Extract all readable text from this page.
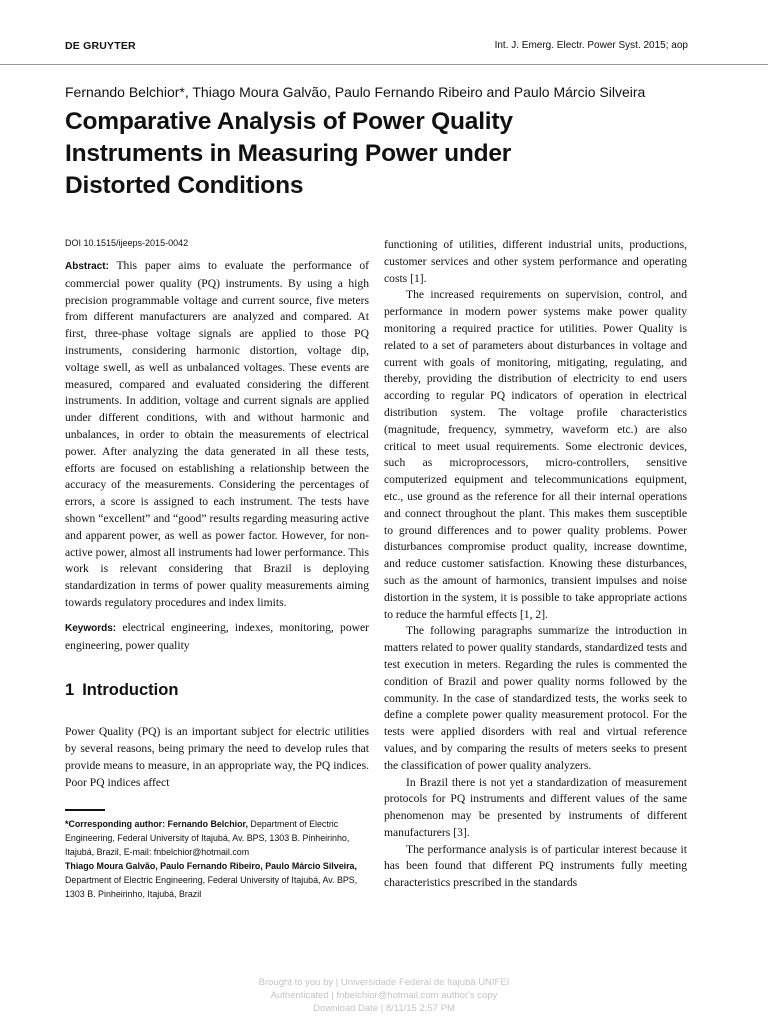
DE GRUYTER	Int. J. Emerg. Electr. Power Syst. 2015; aop
Fernando Belchior*, Thiago Moura Galvão, Paulo Fernando Ribeiro and Paulo Márcio Silveira
Comparative Analysis of Power Quality
Instruments in Measuring Power under
Distorted Conditions

DOI 10.1515/ijeeps-2015-0042

Abstract: This paper aims to evaluate the performance of commercial power quality (PQ) instruments. By using a high precision programmable voltage and current source, five meters from different manufacturers are analyzed and compared. At first, three-phase voltage signals are applied to those PQ instruments, considering harmonic distortion, voltage dip, voltage swell, as well as unbalanced voltages. These events are measured, compared and evaluated considering the different instruments. In addition, voltage and current signals are applied under different conditions, with and without harmonic and unbalances, in order to obtain the measurements of electrical power. After analyzing the data generated in all these tests, efforts are focused on establishing a relationship between the accuracy of the measurements. Considering the percentages of errors, a score is assigned to each instrument. The tests have shown “excellent” and “good” results regarding measuring active and apparent power, as well as power factor. However, for non-active power, almost all instruments had lower performance. This work is relevant considering that Brazil is deploying standardization in terms of power quality measurements aiming towards regulatory procedures and index limits.

Keywords: electrical engineering, indexes, monitoring, power engineering, power quality

1 Introduction

Power Quality (PQ) is an important subject for electric utilities by several reasons, being primary the need to develop rules that provide means to measure, in an appropriate way, the PQ indices. Poor PQ indices affect

*Corresponding author: Fernando Belchior, Department of Electric Engineering, Federal University of Itajubá, Av. BPS, 1303 B. Pinheirinho, Itajubá, Brazil, E-mail: fnbelchior@hotmail.com

Thiago Moura Galvão, Paulo Fernando Ribeiro, Paulo Márcio Silveira, Department of Electric Engineering, Federal University of Itajubá, Av. BPS, 1303 B. Pinheirinho, Itajubá, Brazil

functioning of utilities, different industrial units, productions, customer services and other system performance and operating costs [1].

The increased requirements on supervision, control, and performance in modern power systems make power quality monitoring a required practice for utilities. Power Quality is related to a set of parameters about disturbances in voltage and current with goals of monitoring, mitigating, regulating, and thereby, providing the distribution of electricity to end users according to regular PQ indicators of operation in electrical distribution system. The voltage profile characteristics (magnitude, frequency, symmetry, waveform etc.) are also critical to meet usual requirements. Some electronic devices, such as microprocessors, micro-controllers, sensitive computerized equipment and telecommunications equipment, etc., use ground as the reference for all their internal operations and connect throughout the plant. This makes them susceptible to ground differences and to power quality problems. Power disturbances compromise product quality, increase downtime, and reduce customer satisfaction. Knowing these disturbances, such as the amount of harmonics, transient impulses and noise distortion in the system, it is possible to take appropriate actions to reduce the harmful effects [1, 2].

The following paragraphs summarize the introduction in matters related to power quality standards, standardized tests and test execution in meters. Regarding the rules is commented the condition of Brazil and power quality norms followed by the community. In the case of standardized tests, the works seek to define a complete power quality measurement protocol. For the tests were applied disorders with real and virtual reference values, and by comparing the results of meters seeks to present the classification of power quality analyzers.

In Brazil there is not yet a standardization of measurement protocols for PQ instruments and different values of the same phenomenon may be presented by instruments of different manufacturers [3].

The performance analysis is of particular interest because it has been found that different PQ instruments fully meeting characteristics prescribed in the standards

Brought to you by | Universidade Federal de Itajubá UNIFEI
Authenticated | fnbelchior@hotmail.com author's copy
Download Date | 8/11/15 2:57 PM
